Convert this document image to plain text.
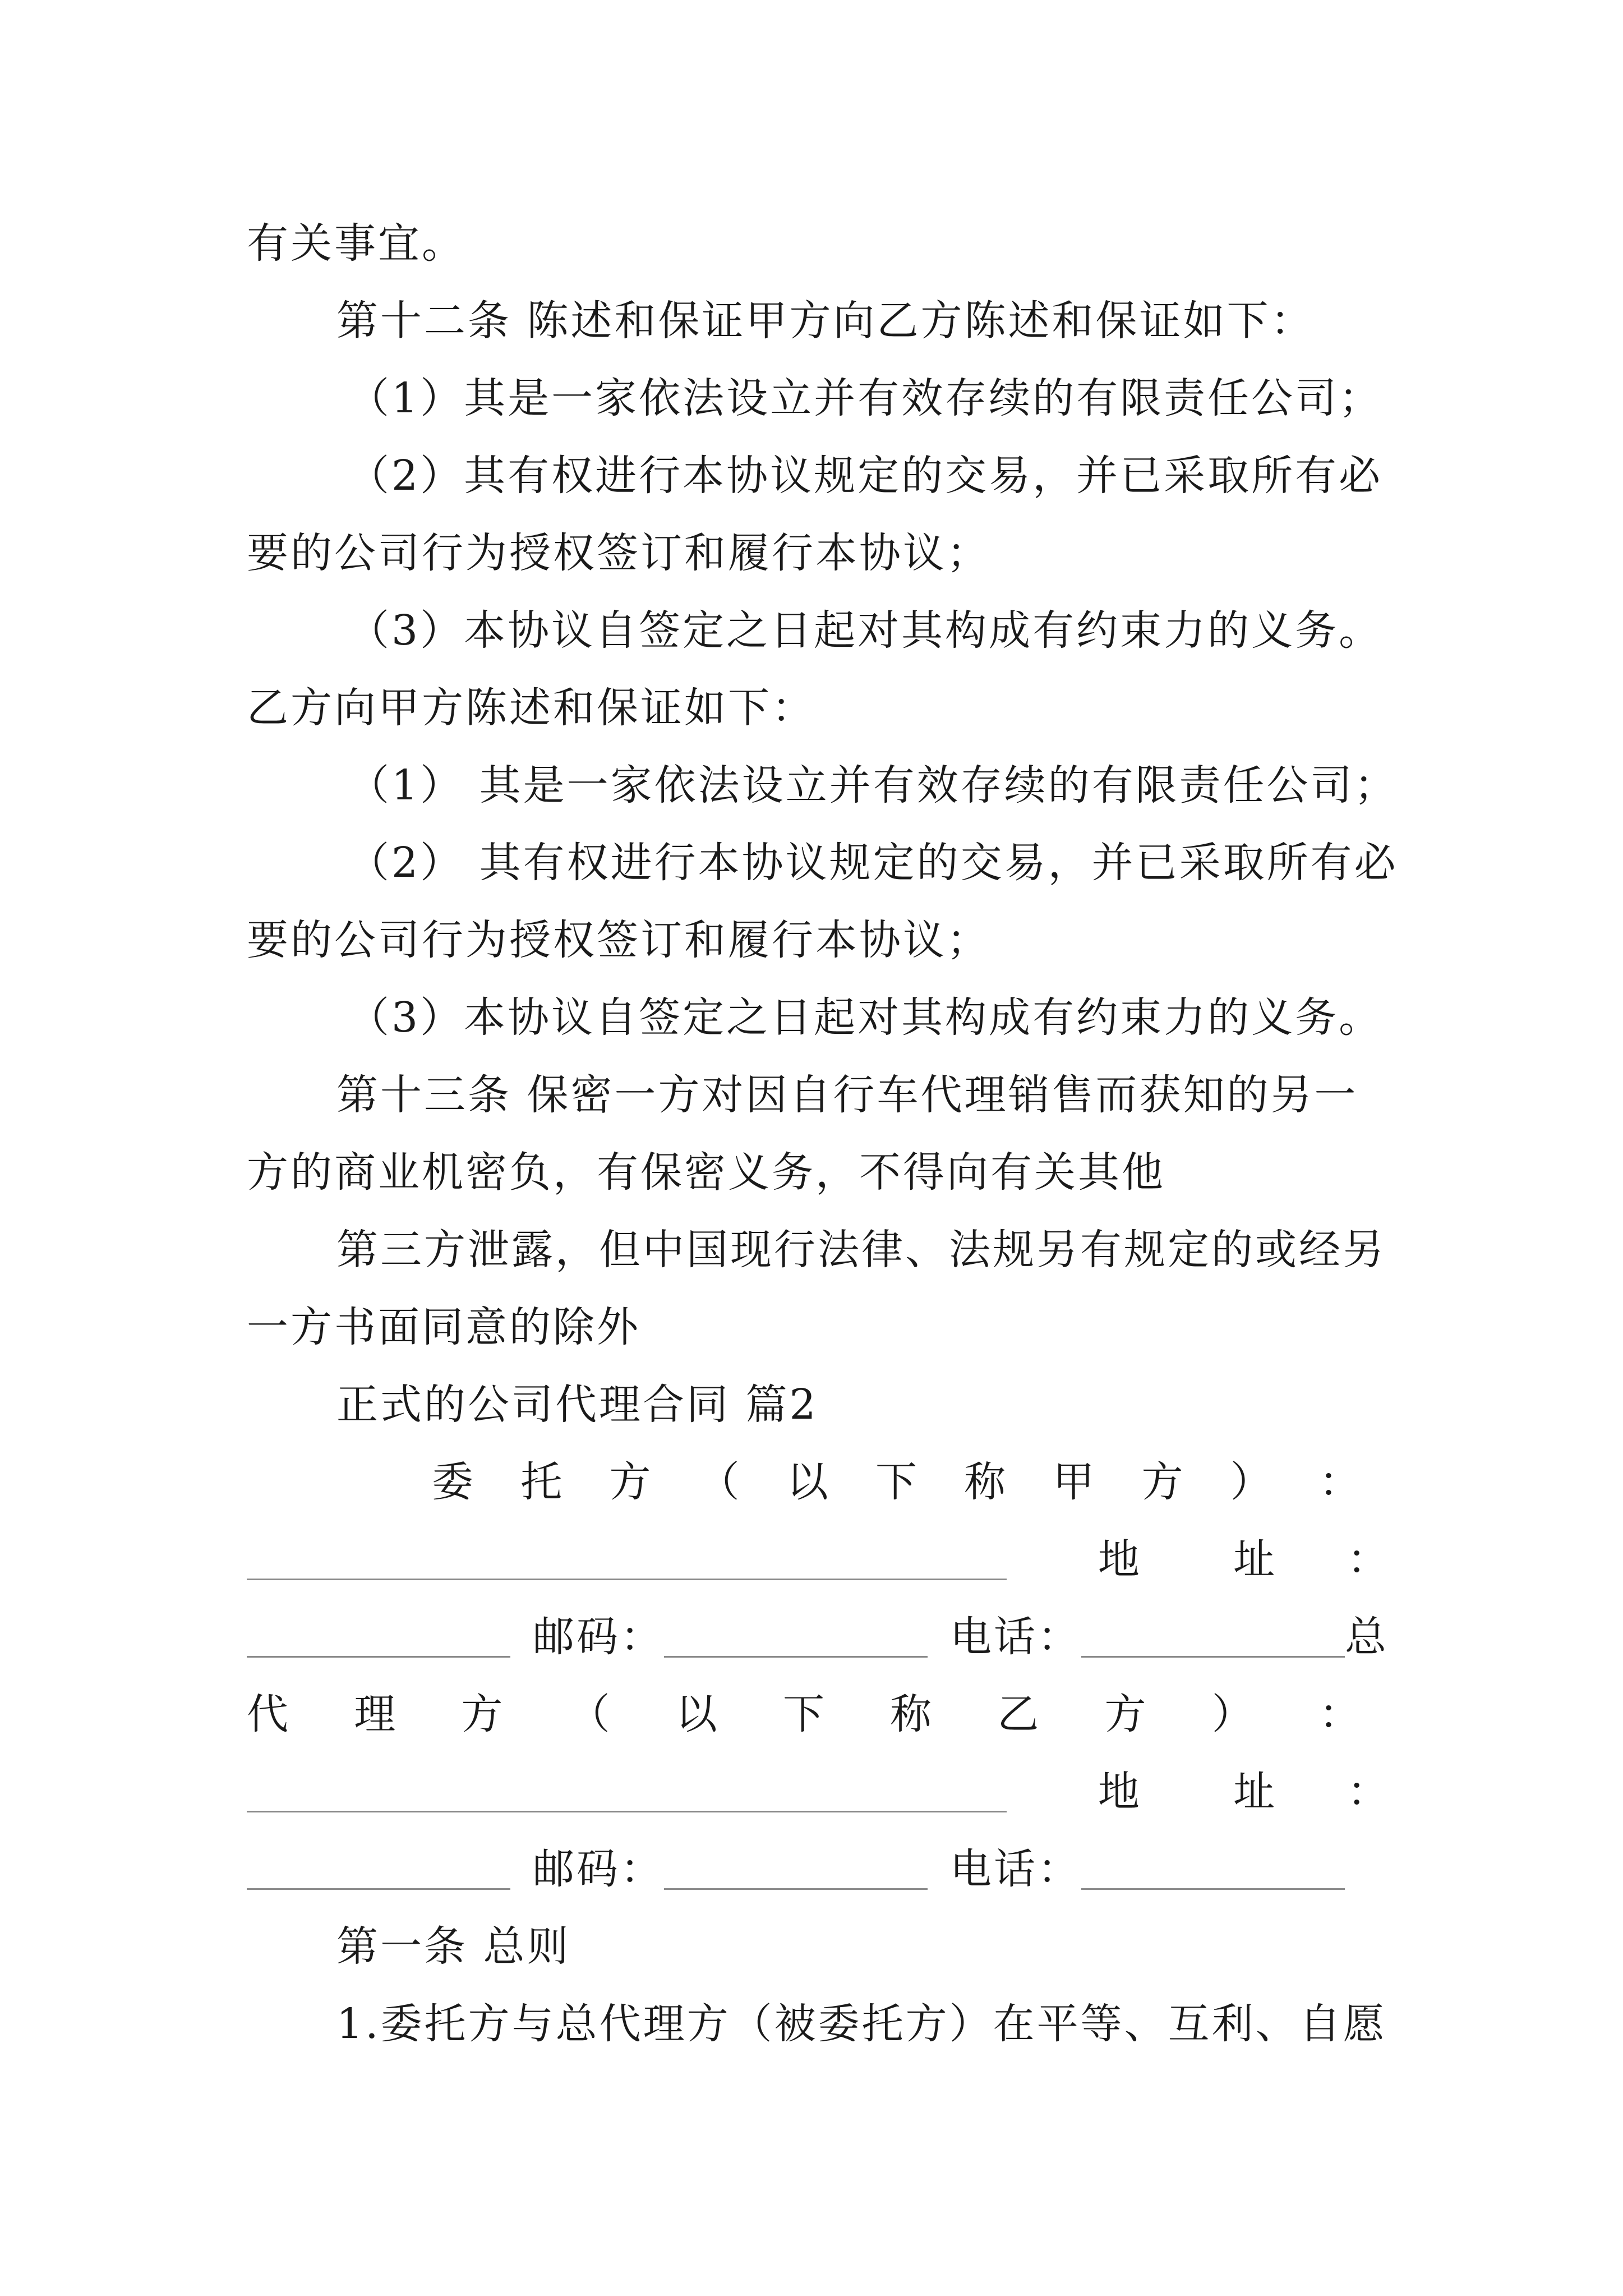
有关事宜。
第十二条 陈述和保证甲方向乙方陈述和保证如下：
（1）其是一家依法设立并有效存续的有限责任公司；
（2）其有权进行本协议规定的交易，并已采取所有必
要的公司行为授权签订和履行本协议；
（3）本协议自签定之日起对其构成有约束力的义务。
乙方向甲方陈述和保证如下：
（1） 其是一家依法设立并有效存续的有限责任公司；
（2） 其有权进行本协议规定的交易，并已采取所有必
要的公司行为授权签订和履行本协议；
（3）本协议自签定之日起对其构成有约束力的义务。
第十三条 保密一方对因自行车代理销售而获知的另一
方的商业机密负，有保密义务，不得向有关其他
第三方泄露，但中国现行法律、法规另有规定的或经另
一方书面同意的除外
正式的公司代理合同 篇2
委 托 方 （ 以 下 称 甲 方 ） ：
地 址 ：
邮码：	电话：	总
代 理 方 （ 以 下 称 乙 方 ） ：
地 址 ：
邮码：	电话：
第一条 总则
1.委托方与总代理方（被委托方）在平等、互利、自愿
